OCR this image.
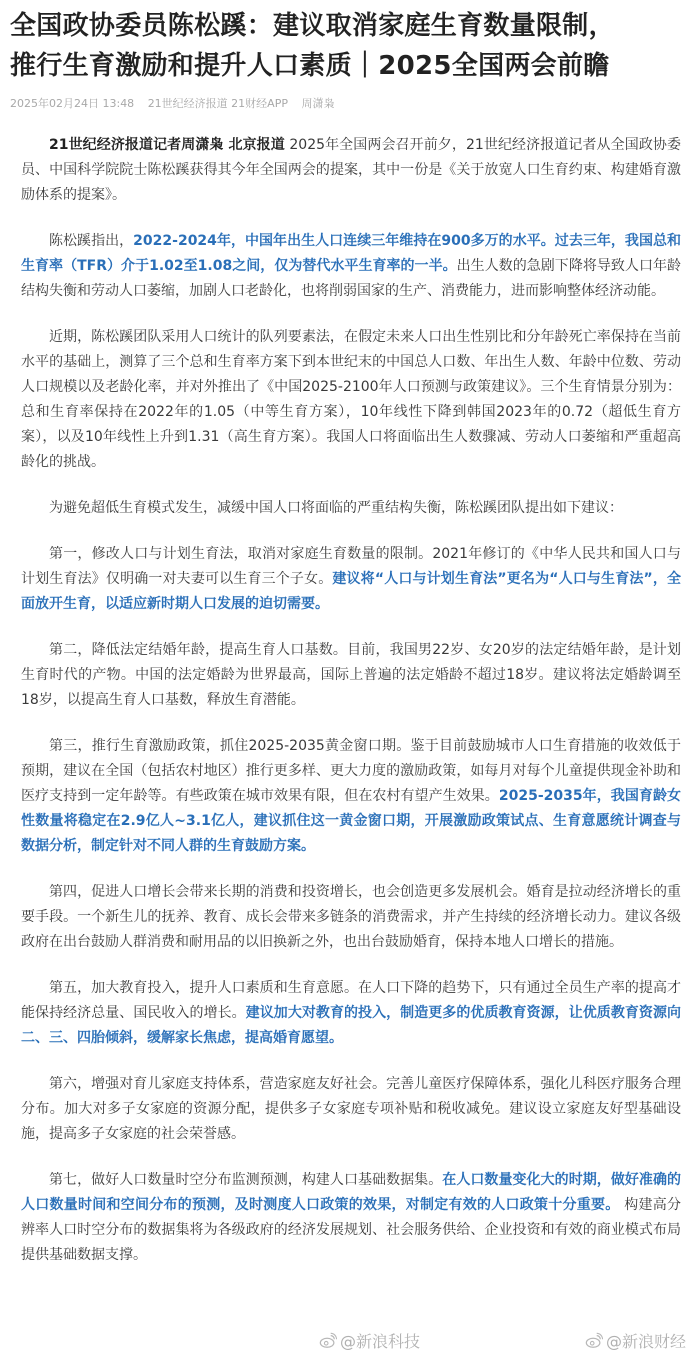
全国政协委员陈松蹊：建议取消家庭生育数量限制，
推行生育激励和提升人口素质｜2025全国两会前瞻
2025年02月24日 13:48 21世纪经济报道 21财经APP 周潇枭

21世纪经济报道记者周潇枭 北京报道 2025年全国两会召开前夕，21世纪经济报道记者从全国政协委员、中国科学院院士陈松蹊获得其今年全国两会的提案，其中一份是《关于放宽人口生育约束、构建婚育激励体系的提案》。

陈松蹊指出，2022-2024年，中国年出生人口连续三年维持在900多万的水平。过去三年，我国总和生育率（TFR）介于1.02至1.08之间，仅为替代水平生育率的一半。出生人数的急剧下降将导致人口年龄结构失衡和劳动人口萎缩，加剧人口老龄化，也将削弱国家的生产、消费能力，进而影响整体经济动能。

近期，陈松蹊团队采用人口统计的队列要素法，在假定未来人口出生性别比和分年龄死亡率保持在当前水平的基础上，测算了三个总和生育率方案下到本世纪末的中国总人口数、年出生人数、年龄中位数、劳动人口规模以及老龄化率，并对外推出了《中国2025-2100年人口预测与政策建议》。三个生育情景分别为：总和生育率保持在2022年的1.05（中等生育方案），10年线性下降到韩国2023年的0.72（超低生育方案），以及10年线性上升到1.31（高生育方案）。我国人口将面临出生人数骤减、劳动人口萎缩和严重超高龄化的挑战。

为避免超低生育模式发生，减缓中国人口将面临的严重结构失衡，陈松蹊团队提出如下建议：

第一，修改人口与计划生育法，取消对家庭生育数量的限制。2021年修订的《中华人民共和国人口与计划生育法》仅明确一对夫妻可以生育三个子女。建议将“人口与计划生育法”更名为“人口与生育法”，全面放开生育，以适应新时期人口发展的迫切需要。

第二，降低法定结婚年龄，提高生育人口基数。目前，我国男22岁、女20岁的法定结婚年龄，是计划生育时代的产物。中国的法定婚龄为世界最高，国际上普遍的法定婚龄不超过18岁。建议将法定婚龄调至18岁，以提高生育人口基数，释放生育潜能。

第三，推行生育激励政策，抓住2025-2035黄金窗口期。鉴于目前鼓励城市人口生育措施的收效低于预期，建议在全国（包括农村地区）推行更多样、更大力度的激励政策，如每月对每个儿童提供现金补助和医疗支持到一定年龄等。有些政策在城市效果有限，但在农村有望产生效果。2025-2035年，我国育龄女性数量将稳定在2.9亿人~3.1亿人，建议抓住这一黄金窗口期，开展激励政策试点、生育意愿统计调查与数据分析，制定针对不同人群的生育鼓励方案。

第四，促进人口增长会带来长期的消费和投资增长，也会创造更多发展机会。婚育是拉动经济增长的重要手段。一个新生儿的抚养、教育、成长会带来多链条的消费需求，并产生持续的经济增长动力。建议各级政府在出台鼓励人群消费和耐用品的以旧换新之外，也出台鼓励婚育，保持本地人口增长的措施。

第五，加大教育投入，提升人口素质和生育意愿。在人口下降的趋势下，只有通过全员生产率的提高才能保持经济总量、国民收入的增长。建议加大对教育的投入，制造更多的优质教育资源，让优质教育资源向二、三、四胎倾斜，缓解家长焦虑，提高婚育愿望。

第六，增强对育儿家庭支持体系，营造家庭友好社会。完善儿童医疗保障体系，强化儿科医疗服务合理分布。加大对多子女家庭的资源分配，提供多子女家庭专项补贴和税收减免。建议设立家庭友好型基础设施，提高多子女家庭的社会荣誉感。

第七，做好人口数量时空分布监测预测，构建人口基础数据集。在人口数量变化大的时期，做好准确的人口数量时间和空间分布的预测，及时测度人口政策的效果，对制定有效的人口政策十分重要。 构建高分辨率人口时空分布的数据集将为各级政府的经济发展规划、社会服务供给、企业投资和有效的商业模式布局提供基础数据支撑。

@新浪科技	@新浪财经
